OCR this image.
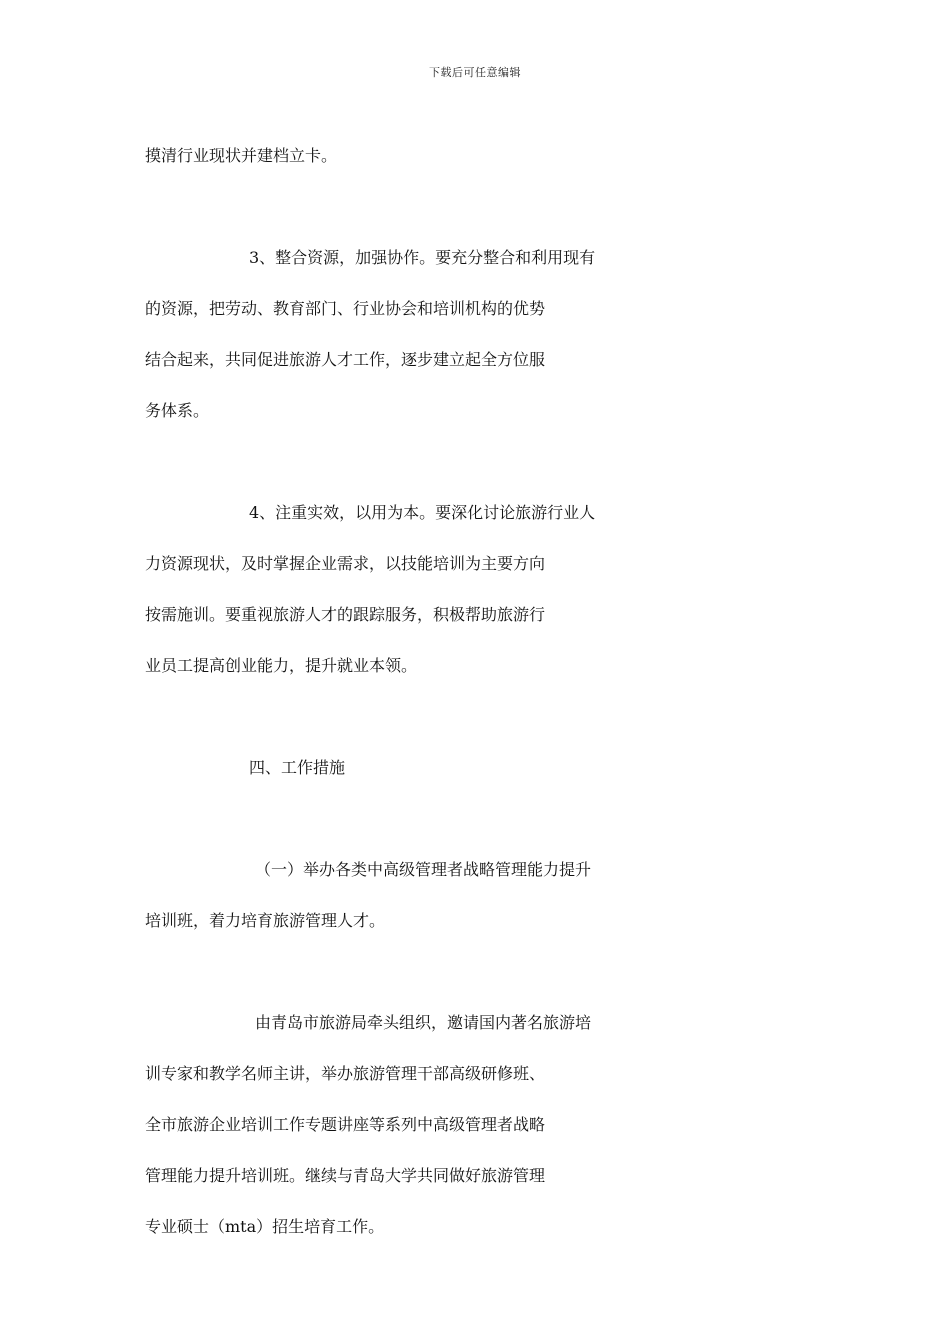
下载后可任意编辑
摸清行业现状并建档立卡。
3、整合资源，加强协作。要充分整合和利用现有
的资源，把劳动、教育部门、行业协会和培训机构的优势
结合起来，共同促进旅游人才工作，逐步建立起全方位服
务体系。
4、注重实效，以用为本。要深化讨论旅游行业人
力资源现状，及时掌握企业需求，以技能培训为主要方向
按需施训。要重视旅游人才的跟踪服务，积极帮助旅游行
业员工提高创业能力，提升就业本领。
四、工作措施
（一）举办各类中高级管理者战略管理能力提升
培训班，着力培育旅游管理人才。
由青岛市旅游局牵头组织，邀请国内著名旅游培
训专家和教学名师主讲，举办旅游管理干部高级研修班、
全市旅游企业培训工作专题讲座等系列中高级管理者战略
管理能力提升培训班。继续与青岛大学共同做好旅游管理
专业硕士（mta）招生培育工作。
